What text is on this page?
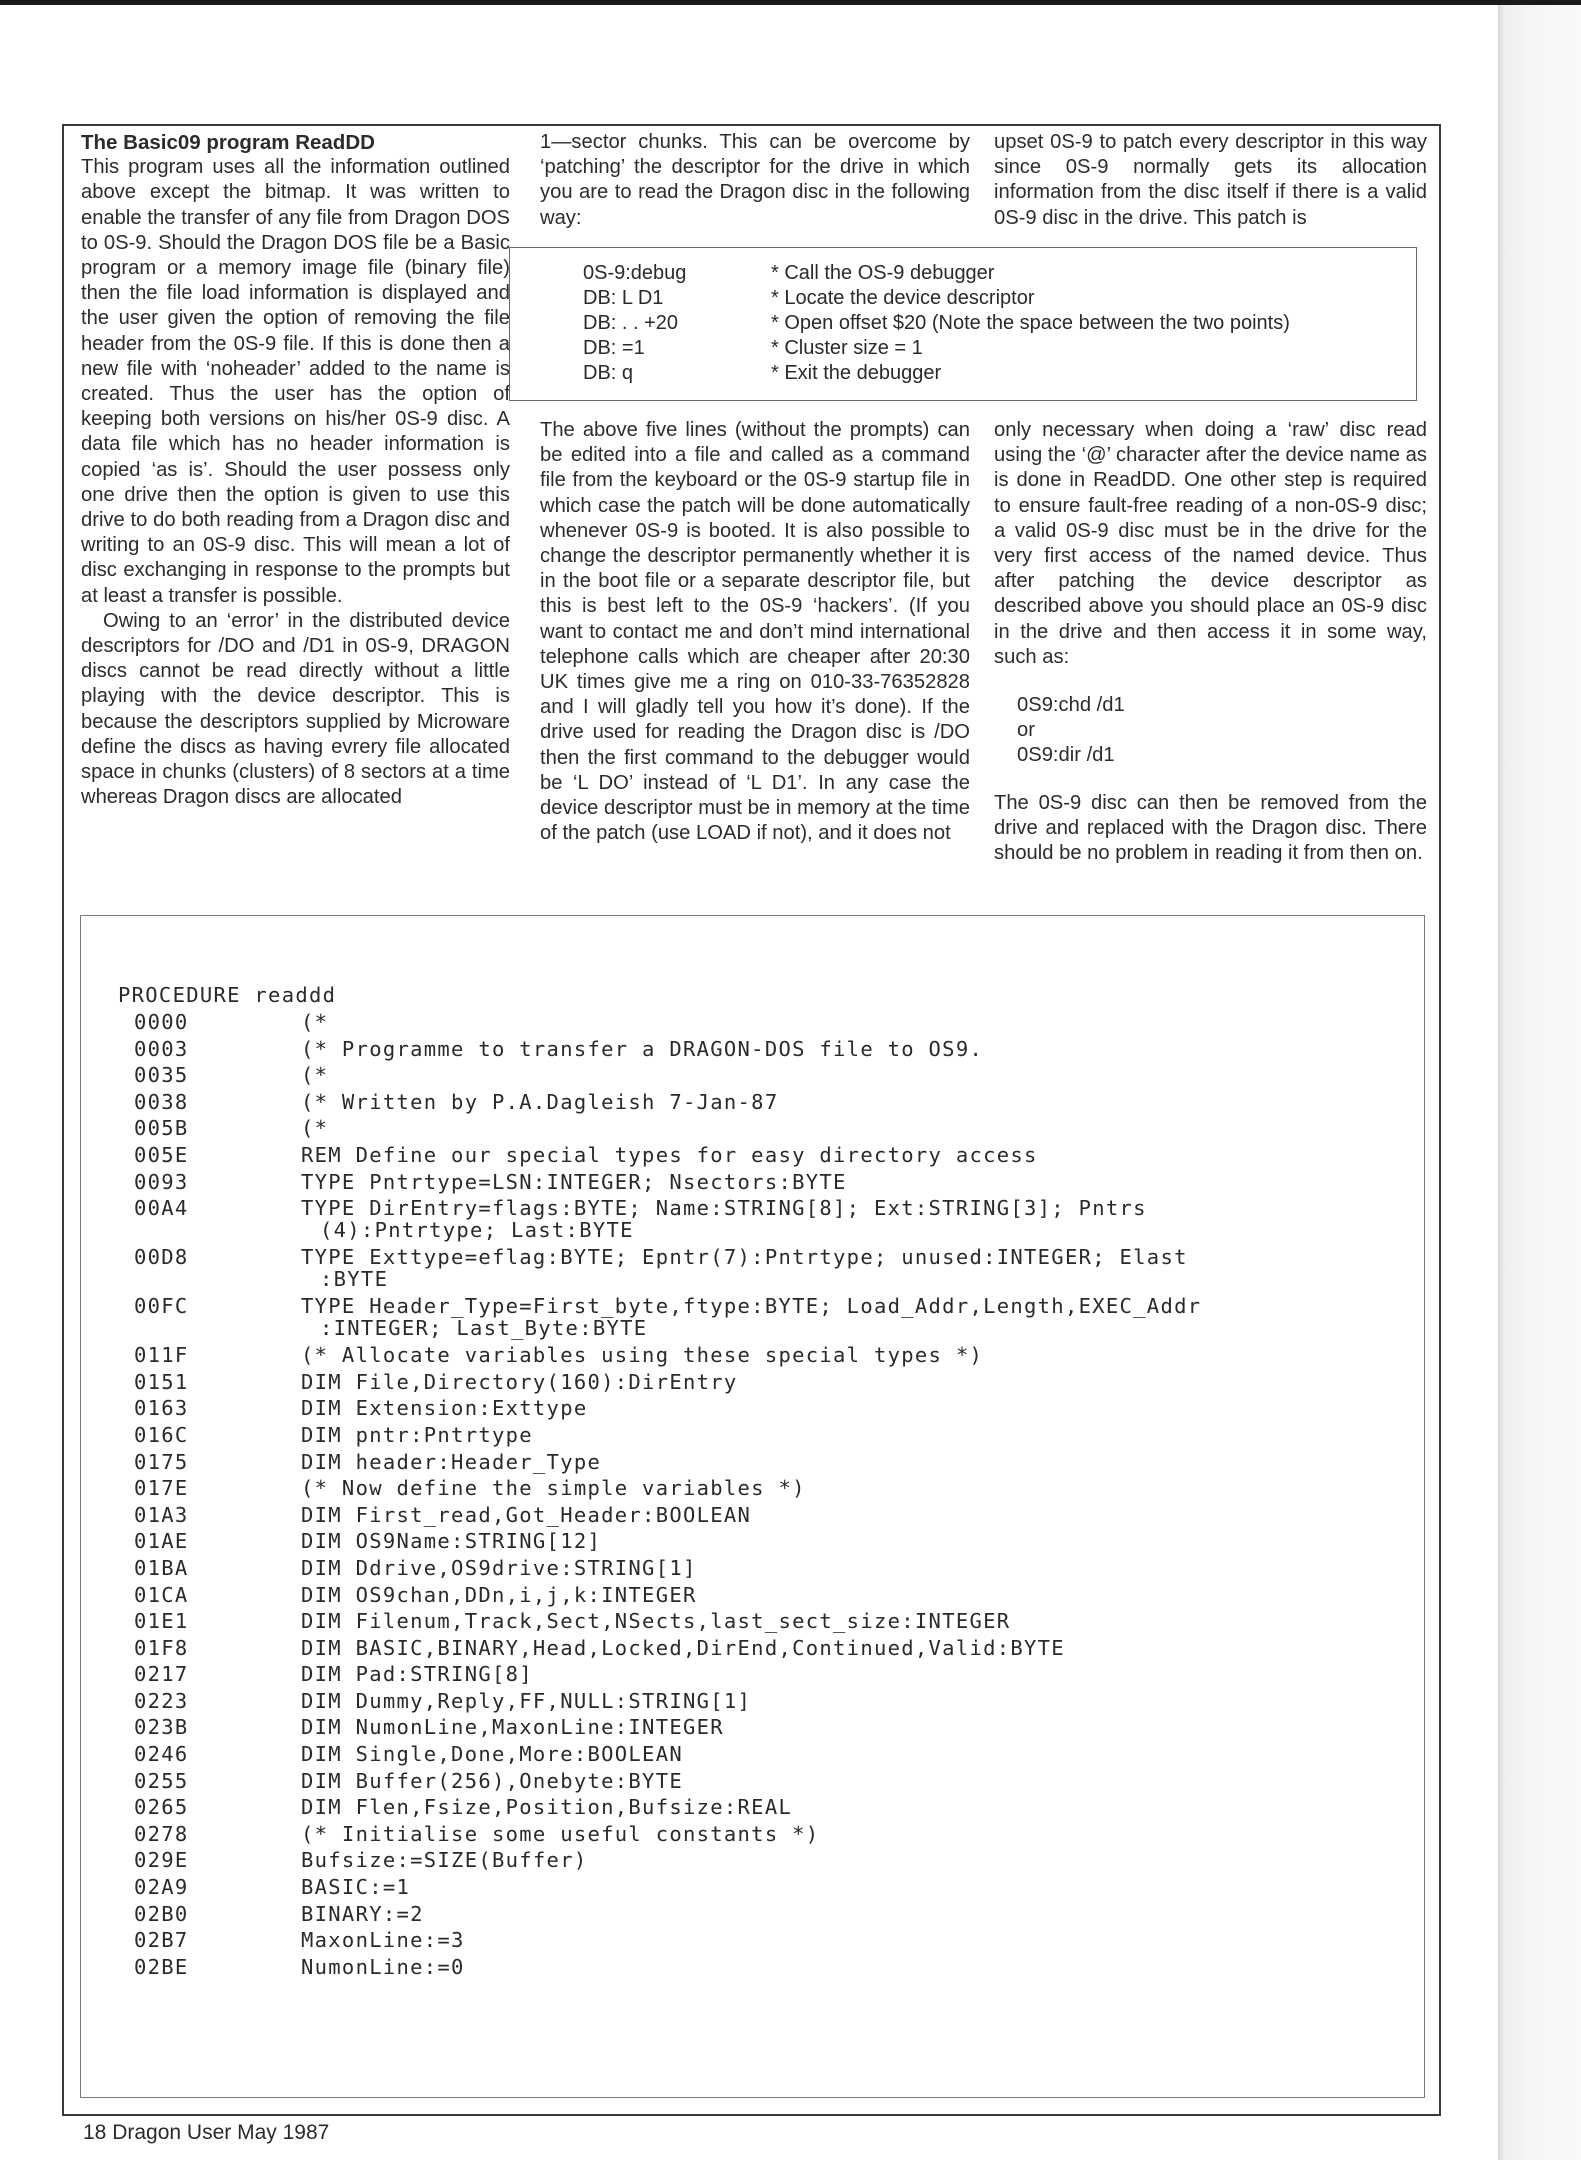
The Basic09 program ReadDD

This program uses all the information outlined above except the bitmap. It was written to enable the transfer of any file from Dragon DOS to 0S-9. Should the Dragon DOS file be a Basic program or a memory image file (binary file) then the file load information is displayed and the user given the option of removing the file header from the 0S-9 file. If this is done then a new file with ‘noheader’ added to the name is created. Thus the user has the option of keeping both versions on his/her 0S-9 disc. A data file which has no header information is copied ‘as is’. Should the user possess only one drive then the option is given to use this drive to do both reading from a Dragon disc and writing to an 0S-9 disc. This will mean a lot of disc exchanging in response to the prompts but at least a transfer is possible.

Owing to an ‘error’ in the distributed device descriptors for /DO and /D1 in 0S-9, DRAGON discs cannot be read directly without a little playing with the device descriptor. This is because the descriptors supplied by Microware define the discs as having evrery file allocated space in chunks (clusters) of 8 sectors at a time whereas Dragon discs are allocated

1—sector chunks. This can be overcome by ‘patching’ the descriptor for the drive in which you are to read the Dragon disc in the following way:

upset 0S-9 to patch every descriptor in this way since 0S-9 normally gets its allocation information from the disc itself if there is a valid 0S-9 disc in the drive. This patch is

0S-9:debug	* Call the OS-9 debugger
DB: L D1	* Locate the device descriptor
DB: . . +20	* Open offset $20 (Note the space between the two points)
DB: =1	* Cluster size = 1
DB: q	* Exit the debugger

The above five lines (without the prompts) can be edited into a file and called as a command file from the keyboard or the 0S-9 startup file in which case the patch will be done automatically whenever 0S-9 is booted. It is also possible to change the descriptor permanently whether it is in the boot file or a separate descriptor file, but this is best left to the 0S-9 ‘hackers’. (If you want to contact me and don’t mind international telephone calls which are cheaper after 20:30 UK times give me a ring on 010-33-76352828 and I will gladly tell you how it’s done). If the drive used for reading the Dragon disc is /DO then the first command to the debugger would be ‘L DO’ instead of ‘L D1’. In any case the device descriptor must be in memory at the time of the patch (use LOAD if not), and it does not

only necessary when doing a ‘raw’ disc read using the ‘@’ character after the device name as is done in ReadDD. One other step is required to ensure fault-free reading of a non-0S-9 disc; a valid 0S-9 disc must be in the drive for the very first access of the named device. Thus after patching the device descriptor as described above you should place an 0S-9 disc in the drive and then access it in some way, such as:

0S9:chd /d1
or
0S9:dir /d1

The 0S-9 disc can then be removed from the drive and replaced with the Dragon disc. There should be no problem in reading it from then on.

PROCEDURE readdd
0000	(*
0003	(* Programme to transfer a DRAGON-DOS file to OS9.
0035	(*
0038	(* Written by P.A.Dagleish 7-Jan-87
005B	(*
005E	REM Define our special types for easy directory access
0093	TYPE Pntrtype=LSN:INTEGER; Nsectors:BYTE
00A4	TYPE DirEntry=flags:BYTE; Name:STRING[8]; Ext:STRING[3]; Pntrs
(4):Pntrtype; Last:BYTE
00D8	TYPE Exttype=eflag:BYTE; Epntr(7):Pntrtype; unused:INTEGER; Elast
:BYTE
00FC	TYPE Header_Type=First_byte,ftype:BYTE; Load_Addr,Length,EXEC_Addr
:INTEGER; Last_Byte:BYTE
011F	(* Allocate variables using these special types *)
0151	DIM File,Directory(160):DirEntry
0163	DIM Extension:Exttype
016C	DIM pntr:Pntrtype
0175	DIM header:Header_Type
017E	(* Now define the simple variables *)
01A3	DIM First_read,Got_Header:BOOLEAN
01AE	DIM OS9Name:STRING[12]
01BA	DIM Ddrive,OS9drive:STRING[1]
01CA	DIM OS9chan,DDn,i,j,k:INTEGER
01E1	DIM Filenum,Track,Sect,NSects,last_sect_size:INTEGER
01F8	DIM BASIC,BINARY,Head,Locked,DirEnd,Continued,Valid:BYTE
0217	DIM Pad:STRING[8]
0223	DIM Dummy,Reply,FF,NULL:STRING[1]
023B	DIM NumonLine,MaxonLine:INTEGER
0246	DIM Single,Done,More:BOOLEAN
0255	DIM Buffer(256),Onebyte:BYTE
0265	DIM Flen,Fsize,Position,Bufsize:REAL
0278	(* Initialise some useful constants *)
029E	Bufsize:=SIZE(Buffer)
02A9	BASIC:=1
02B0	BINARY:=2
02B7	MaxonLine:=3
02BE	NumonLine:=0
18 Dragon User May 1987
